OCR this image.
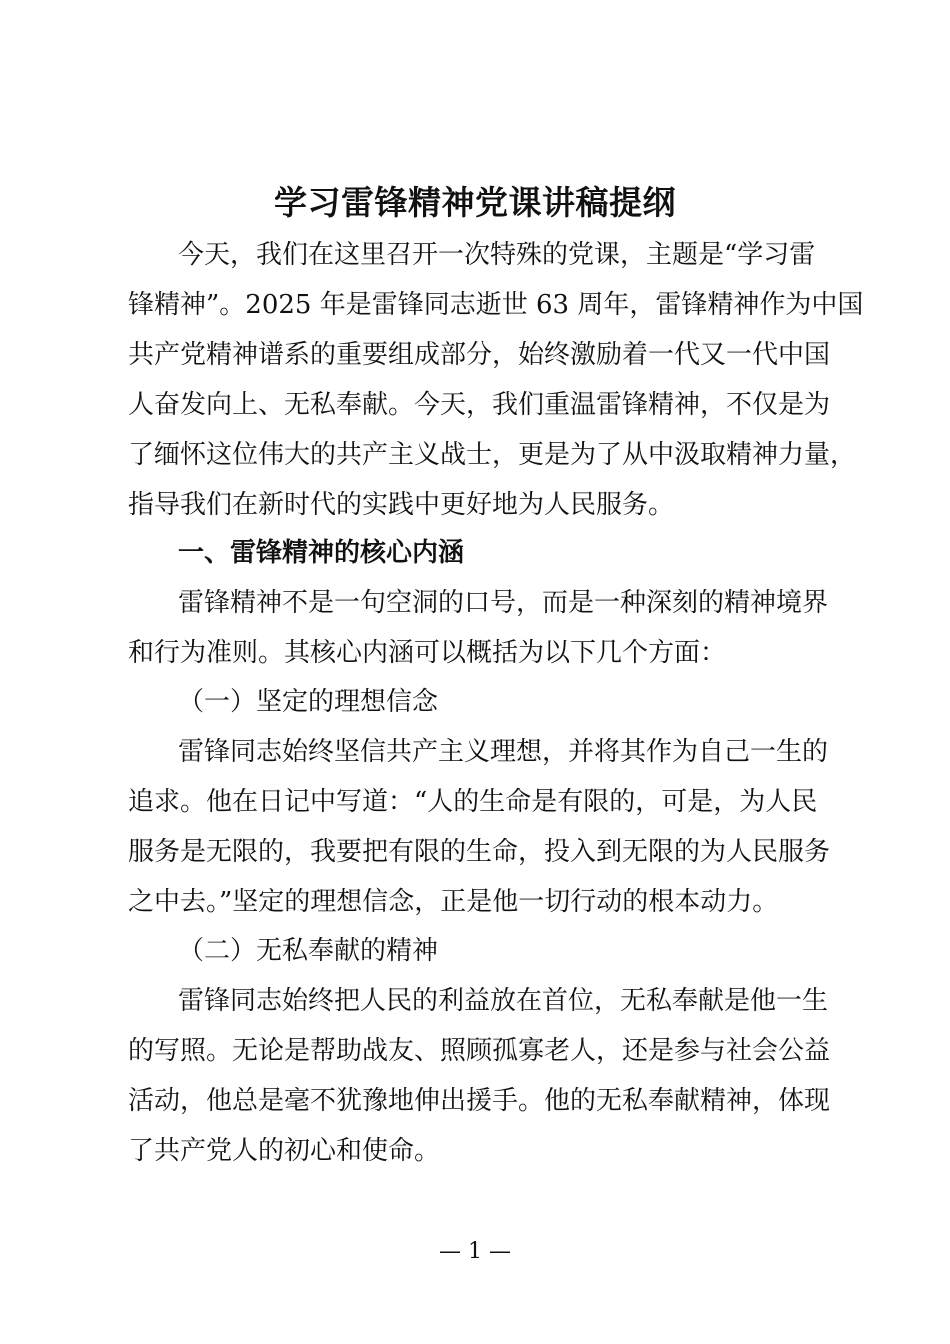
学习雷锋精神党课讲稿提纲
今天，我们在这里召开一次特殊的党课，主题是“学习雷
锋精神”。2025 年是雷锋同志逝世 63 周年，雷锋精神作为中国
共产党精神谱系的重要组成部分，始终激励着一代又一代中国
人奋发向上、无私奉献。今天，我们重温雷锋精神，不仅是为
了缅怀这位伟大的共产主义战士，更是为了从中汲取精神力量，
指导我们在新时代的实践中更好地为人民服务。
一、雷锋精神的核心内涵
雷锋精神不是一句空洞的口号，而是一种深刻的精神境界
和行为准则。其核心内涵可以概括为以下几个方面：
（一）坚定的理想信念
雷锋同志始终坚信共产主义理想，并将其作为自己一生的
追求。他在日记中写道：“人的生命是有限的，可是，为人民
服务是无限的，我要把有限的生命，投入到无限的为人民服务
之中去。”坚定的理想信念，正是他一切行动的根本动力。
（二）无私奉献的精神
雷锋同志始终把人民的利益放在首位，无私奉献是他一生
的写照。无论是帮助战友、照顾孤寡老人，还是参与社会公益
活动，他总是毫不犹豫地伸出援手。他的无私奉献精神，体现
了共产党人的初心和使命。
— 1 —
